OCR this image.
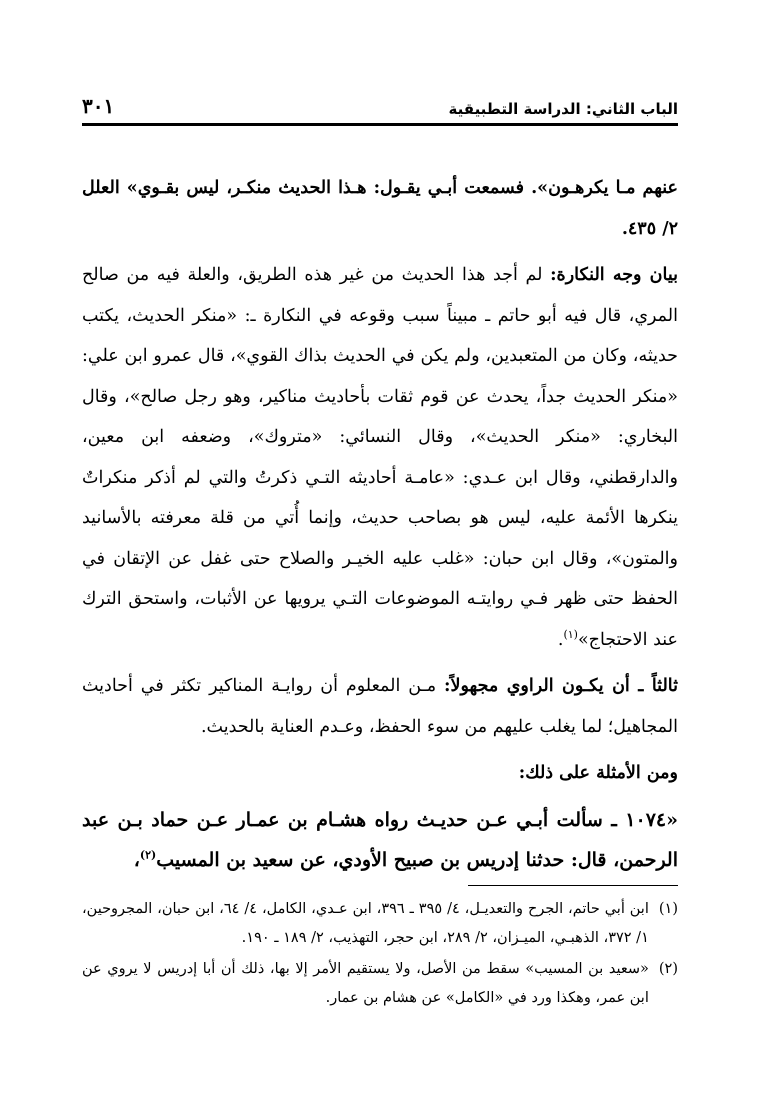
الباب الثاني: الدراسة التطبيقية
٣٠١

عنهم مـا يكرهـون». فسمعت أبـي يقـول: هـذا الحديث منكـر، ليس بقـوي» العلل ٢/ ٤٣٥.

بيان وجه النكارة: لم أجد هذا الحديث من غير هذه الطريق، والعلة فيه من صالح المري، قال فيه أبو حاتم ـ مبيناً سبب وقوعه في النكارة ـ: «منكر الحديث، يكتب حديثه، وكان من المتعبدين، ولم يكن في الحديث بذاك القوي»، قال عمرو ابن علي: «منكر الحديث جداً، يحدث عن قوم ثقات بأحاديث مناكير، وهو رجل صالح»، وقال البخاري: «منكر الحديث»، وقال النسائي: «متروك»، وضعفه ابن معين، والدارقطني، وقال ابن عـدي: «عامـة أحاديثه التـي ذكرتُ والتي لم أذكر منكراتٌ ينكرها الأئمة عليه، ليس هو بصاحب حديث، وإنما أُتي من قلة معرفته بالأسانيد والمتون»، وقال ابن حبان: «غلب عليه الخيـر والصلاح حتى غفل عن الإتقان في الحفظ حتى ظهر فـي روايتـه الموضوعات التـي يرويها عن الأثبات، واستحق الترك عند الاحتجاج»$^{(١)}$.

ثالثاً ـ أن يكـون الراوي مجهولاً: مـن المعلوم أن روايـة المناكير تكثر في أحاديث المجاهيل؛ لما يغلب عليهم من سوء الحفظ، وعـدم العناية بالحديث.

ومن الأمثلة على ذلك:

«١٠٧٤ ـ سألت أبـي عـن حديـث رواه هشـام بن عمـار عـن حماد بـن عبد الرحمن، قال: حدثنا إدريس بن صبيح الأودي، عن سعيد بن المسيب$^{(٢)}$،

(١)
ابن أبي حاتم، الجرح والتعديـل، ٤/ ٣٩٥ ـ ٣٩٦، ابن عـدي، الكامل، ٤/ ٦٤، ابن حبان، المجروحين، ١/ ٣٧٢، الذهبـي، الميـزان، ٢/ ٢٨٩، ابن حجر، التهذيب، ٢/ ١٨٩ ـ ١٩٠.
(٢)
«سعيد بن المسيب» سقط من الأصل، ولا يستقيم الأمر إلا بها، ذلك أن أبا إدريس لا يروي عن ابن عمر، وهكذا ورد في «الكامل» عن هشام بن عمار.
